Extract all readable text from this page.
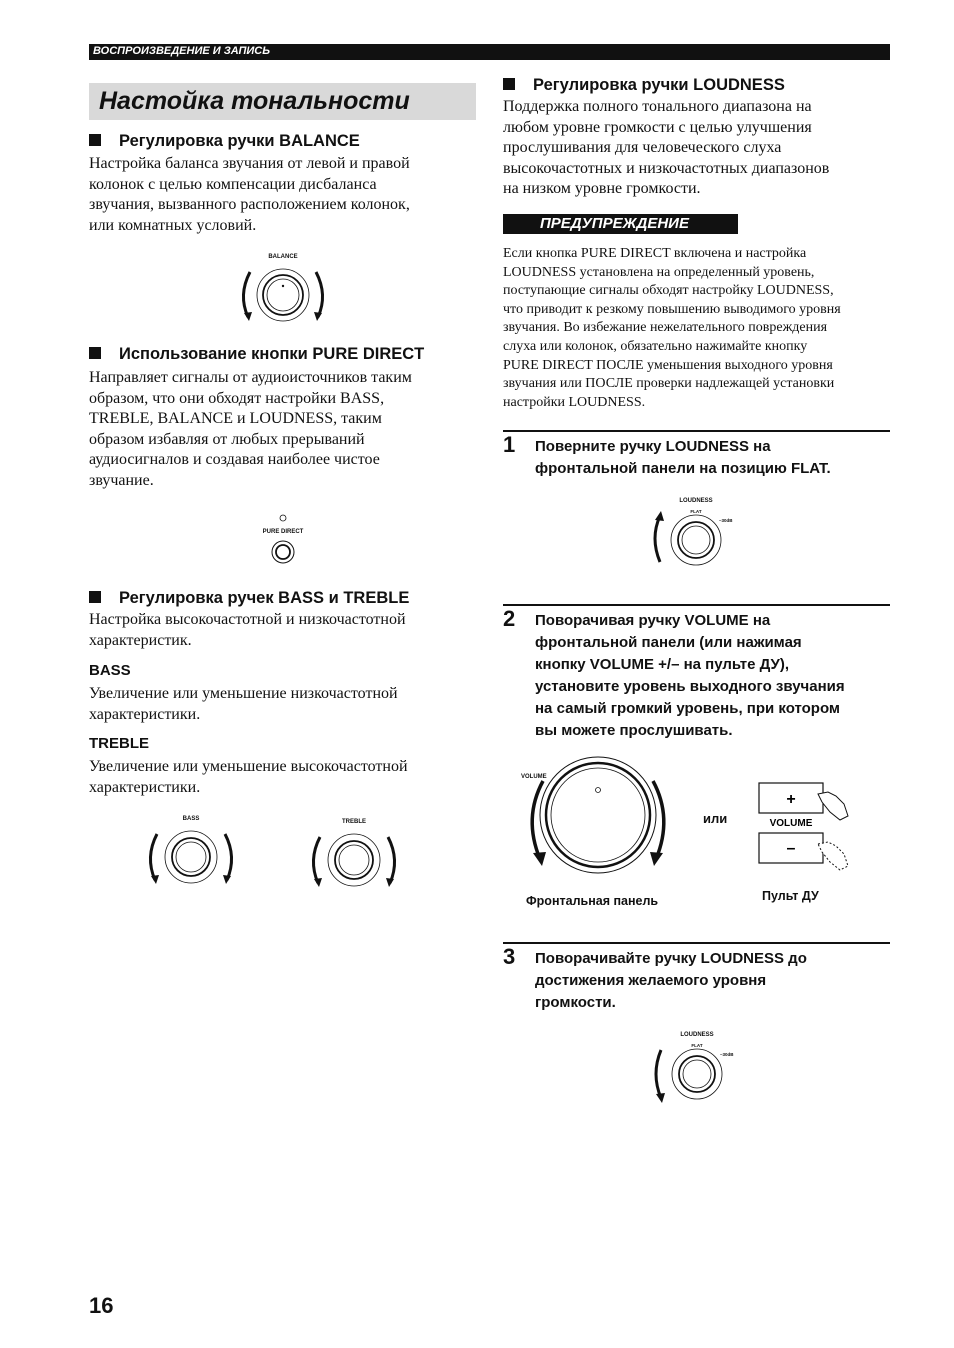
ВОСПРОИЗВЕДЕНИЕ И ЗАПИСЬ
Настойка тональности
Регулировка ручки BALANCE
Настройка баланса звучания от левой и правой
колонок с целью компенсации дисбаланса
звучания, вызванного расположением колонок,
или комнатных условий.
BALANCE
Использование кнопки PURE DIRECT
Направляет сигналы от аудиоисточников таким
образом, что они обходят настройки BASS,
TREBLE, BALANCE и LOUDNESS, таким
образом избавляя от любых прерываний
аудиосигналов и создавая наиболее чистое
звучание.
PURE DIRECT
Регулировка ручек BASS и TREBLE
Настройка высокочастотной и низкочастотной
характеристик.
BASS
Увеличение или уменьшение низкочастотной
характеристики.
TREBLE
Увеличение или уменьшение высокочастотной
характеристики.
BASS	TREBLE
Регулировка ручки LOUDNESS
Поддержка полного тонального диапазона на
любом уровне громкости с целью улучшения
прослушивания для человеческого слуха
высокочастотных и низкочастотных диапазонов
на низком уровне громкости.
ПРЕДУПРЕЖДЕНИЕ
Если кнопка PURE DIRECT включена и настройка
LOUDNESS установлена на определенный уровень,
поступающие сигналы обходят настройку LOUDNESS,
что приводит к резкому повышению выводимого уровня
звучания. Во избежание нежелательного повреждения
слуха или колонок, обязательно нажимайте кнопку
PURE DIRECT ПОСЛЕ уменьшения выходного уровня
звучания или ПОСЛЕ проверки надлежащей установки
настройки LOUDNESS.
1 Поверните ручку LOUDNESS на
фронтальной панели на позицию FLAT.
LOUDNESS
FLAT
–30dB
2 Поворачивая ручку VOLUME на
фронтальной панели (или нажимая
кнопку VOLUME +/– на пульте ДУ),
установите уровень выходного звучания
на самый громкий уровень, при котором
вы можете прослушивать.
VOLUME
или
+
VOLUME
–
Фронтальная панель	Пульт ДУ
3 Поворачивайте ручку LOUDNESS до
достижения желаемого уровня
громкости.
LOUDNESS
FLAT
–30dB
16
